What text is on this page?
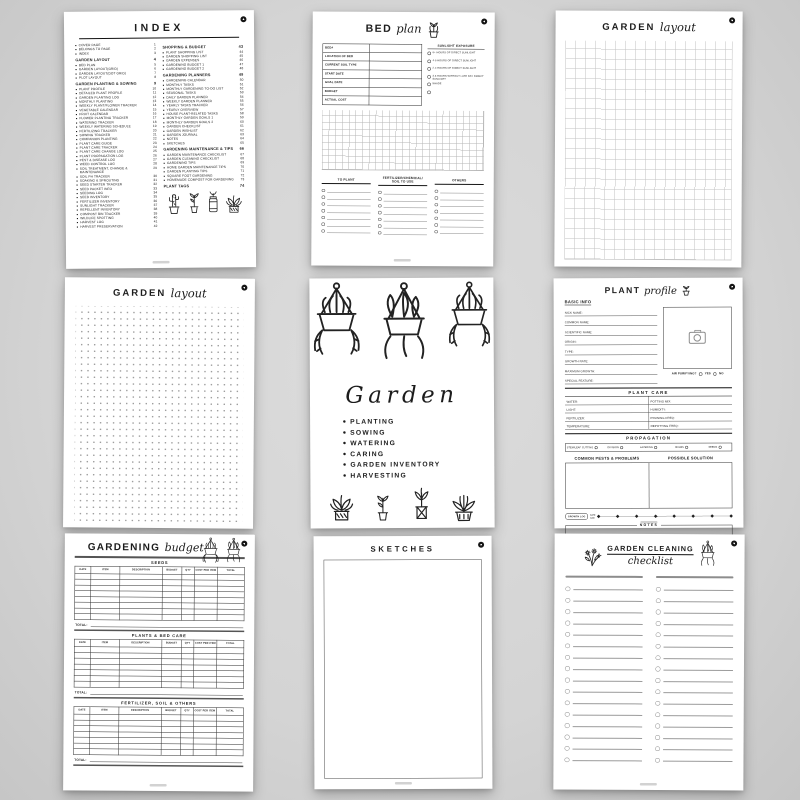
INDEX
■ COVER PAGE	1
■ BELONGS TO PAGE	2
■ INDEX	3
GARDEN LAYOUT	4
■ BED PLAN	5
■ GARDEN LAYOUT(GRID)	6
■ GARDEN LAYOUT(DOT GRID)	7
■ PLOT LAYOUT	8
GARDEN PLANTING & SOWING	9
■ PLANT PROFILE	10
■ DETAILED PLANT PROFILE	11
■ GARDEN PLANTING LOG	12
■ MONTHLY PLANTING	13
■ WEEKLY PLANT/FLOWER TRACKER	14
■ VEGETABLE CALENDAR	15
■ FRUIT CALENDAR	16
■ FLOWER PLANTING TRACKER	17
■ WATERING TRACKER	18
■ WEEKLY WATERING SCHEDULE	19
■ FERTILIZING TRACKER	20
■ SOWING TRACKER	21
■ COMPANION PLANTING	22
■ PLANT CARE GUIDE	23
■ PLANT CARE TRACKER	24
■ PLANT CARE CHANGE LOG	25
■ PLANT PROPAGATION LOG	26
■ PEST & DISEASE LOG	27
■ WEED CONTROL LOG	28
■ SOIL TREATMENT, CHANGE & MAINTENANCE
29
■ SOIL PH TRACKER	30
■ SOAKING & SPROUTING	31
■ SEED STARTER TRACKER	32
■ SEED PACKET INFO	33
■ SEEDING LOG	34
■ SEED INVENTORY	35
■ FERTILIZER INVENTORY	36
■ SUNLIGHT TRACKER	37
■ REPELLENT INVENTORY	38
■ COMPOST BIN TRACKER	39
■ WILDLIFE SPOTTING	40
■ HARVEST LOG	41
■ HARVEST PRESERVATION	42
SHOPPING & BUDGET	43
■ PLANT SHOPPING LIST	44
■ GARDEN SHOPPING LIST	45
■ GARDEN EXPENSES	46
■ GARDENING BUDGET 1	47
■ GARDENING BUDGET 2	48
GARDENING PLANNERS	49
■ GARDENING CALENDAR	50
■ MONTHLY TASKS	51
■ MONTHLY GARDENING TO-DO LIST	52
■ SEASONAL TASKS	53
■ DAILY GARDEN PLANNER	54
■ WEEKLY GARDEN PLANNER	55
■ YEARLY TASKS TRACKER	56
■ YEARLY OVERVIEW	57
■ HOUSE PLANT-RELATED TASKS	58
■ MONTHLY GARDEN GOALS 1	59
■ MONTHLY GARDEN GOALS 2	60
■ GARDEN CHECKLIST	61
■ GARDEN WISHLIST	62
■ GARDEN JOURNAL	63
■ NOTES	64
■ SKETCHES	65
GARDENING MAINTENANCE & TIPS 66
■ GARDEN MAINTENANCE CHECKLIST	67
■ GARDEN CLEANING CHECKLIST	68
■ GARDENING TIPS	69
■ HOME GARDEN MAINTENANCE TIPS	70
■ GARDEN PLANTING TIPS	71
■ SQUARE FOOT GARDENING	72
■ HOMEMADE COMPOST FOR GARDENING	73
PLANT TAGS	74
BED plan
BED#
LOCATION OF BED
CURRENT SOIL TYPE
START DATE
GOAL DATE
BUDGET
ACTUAL COST
SUNLIGHT EXPOSURE
6+ HOURS OF DIRECT SUNLIGHT
4-6 HOURS OF DIRECT SUNLIGHT
2-4 HOURS OF DIRECT SUNLIGHT
3-6 HOURS WITHOUT LATE DAY DIRECT SUNLIGHT
SHADE
TO PLANT	FERTILIZER/CHEMICAL/ SOIL TO USE	OTHERS
GARDEN layout
GARDEN layout
Garden
PLANTING
SOWING
WATERING
CARING
GARDEN INVENTORY
HARVESTING
PLANT profile
BASIC INFO
NICK NAME:
COMMON NAME:
SCIENTIFIC NAME:
ORIGIN:
TYPE:
GROWTH RATE:
MAXIMUM GROWTH:
SPECIAL FEATURE:
AIR PURIFYING? YES NO
PLANT CARE
WATER:	POTTING MIX:
LIGHT:	HUMIDITY:
FERTILIZER:	PRUNING FREQ:
TEMPERATURE:	REPOTTING FREQ:
PROPAGATION
STEM/LEAF CUTTING	DIVISION	LAYERING	BULBS	SEEDS
COMMON PESTS & PROBLEMS	POSSIBLE SOLUTION
GROWTH LOG
DATE
SIZE
NOTES
GARDENING budget
SEEDS
DATE	ITEM	DESCRIPTION	BUDGET	QTY	COST PER ITEM	TOTAL

TOTAL:
PLANTS & BED CARE
DATE	ITEM	DESCRIPTION	BUDGET	QTY	COST PER ITEM	TOTAL

TOTAL:
FERTILIZER, SOIL & OTHERS
DATE	ITEM	DESCRIPTION	BUDGET	QTY	COST PER ITEM	TOTAL

TOTAL:
SKETCHES	GARDEN CLEANING
checklist
